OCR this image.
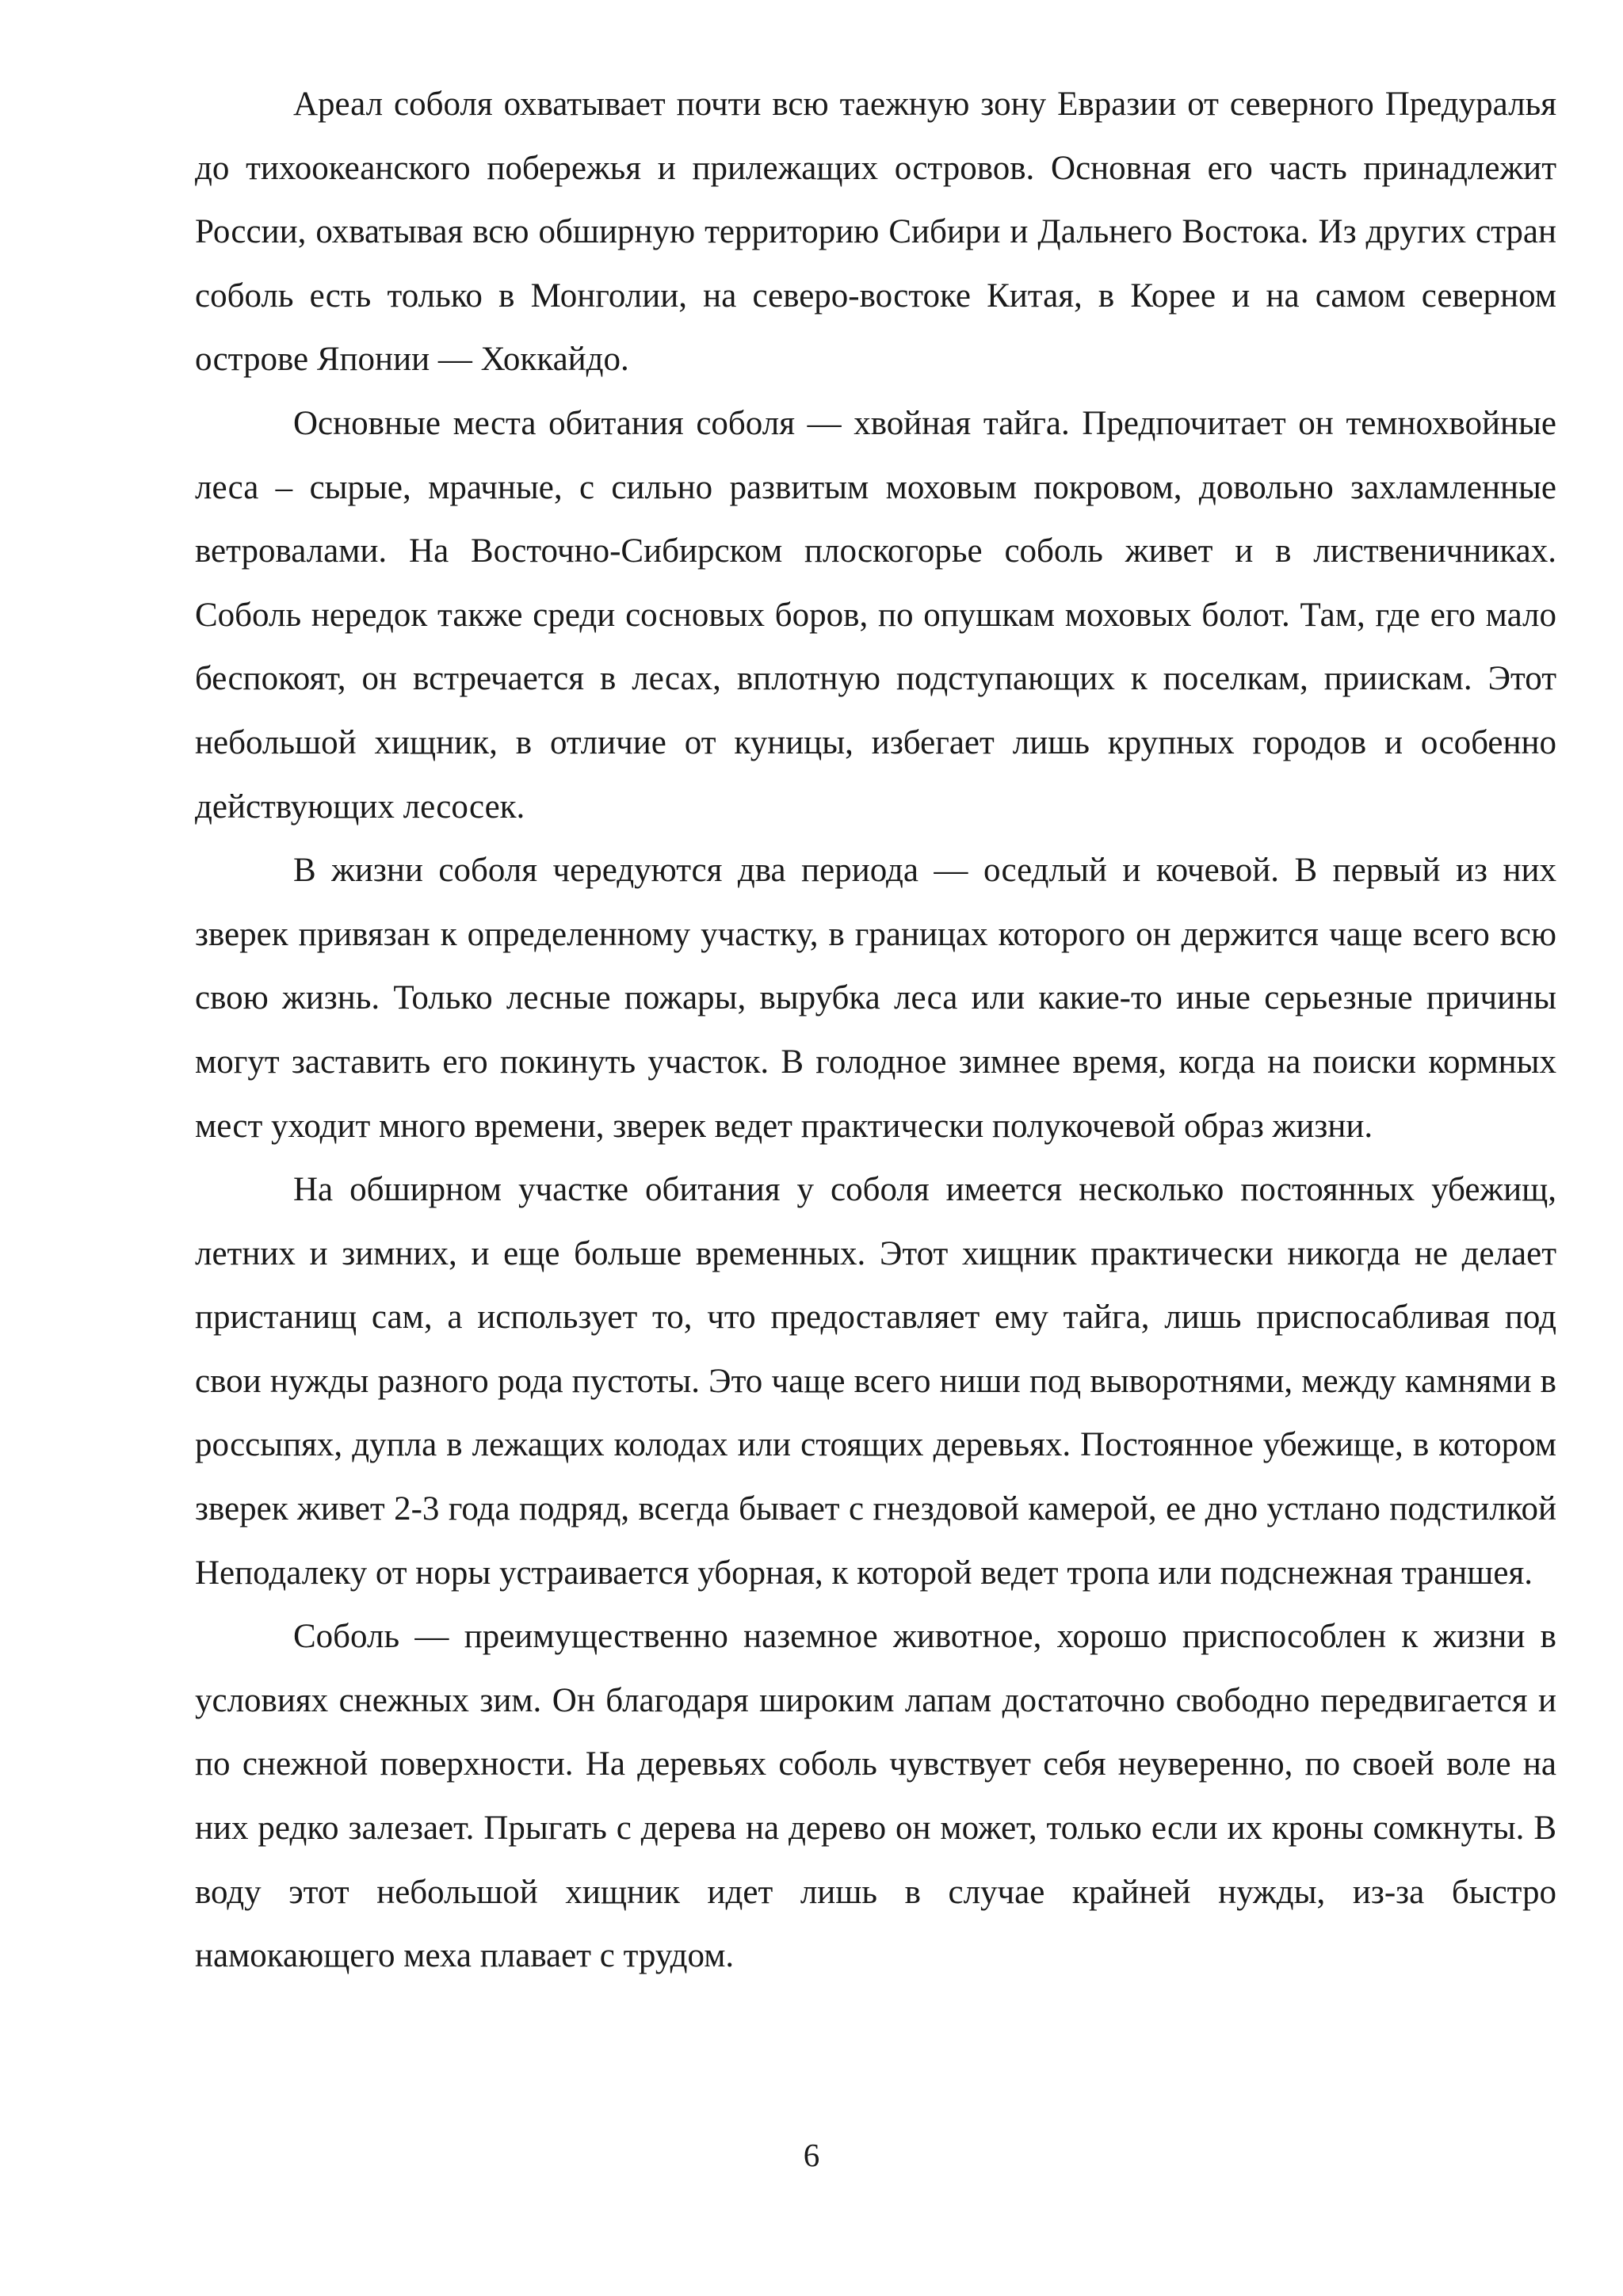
Ареал соболя охватывает почти всю таежную зону Евразии от северного Предуралья до тихоокеанского побережья и прилежащих островов. Основная его часть принадлежит России, охватывая всю обширную территорию Сибири и Дальнего Востока. Из других стран соболь есть только в Монголии, на северо-востоке Китая, в Корее и на самом северном острове Японии — Хоккайдо.

Основные места обитания соболя — хвойная тайга. Предпочитает он темнохвойные леса – сырые, мрачные, с сильно развитым моховым покровом, довольно захламленные ветровалами. На Восточно-Сибирском плоскогорье соболь живет и в лиственичниках. Соболь нередок также среди сосновых боров, по опушкам моховых болот. Там, где его мало беспокоят, он встречается в лесах, вплотную подступающих к поселкам, приискам. Этот небольшой хищник, в отличие от куницы, избегает лишь крупных городов и особенно действующих лесосек.

В жизни соболя чередуются два периода — оседлый и кочевой. В первый из них зверек привязан к определенному участку, в границах которого он держится чаще всего всю свою жизнь. Только лесные пожары, вырубка леса или какие-то иные серьезные причины могут заставить его покинуть участок. В голодное зимнее время, когда на поиски кормных мест уходит много времени, зверек ведет практически полукочевой образ жизни.

На обширном участке обитания у соболя имеется несколько постоянных убежищ, летних и зимних, и еще больше временных. Этот хищник практически никогда не делает пристанищ сам, а использует то, что предоставляет ему тайга, лишь приспосабливая под свои нужды разного рода пустоты. Это чаще всего ниши под выворотнями, между камнями в россыпях, дупла в лежащих колодах или стоящих деревьях. Постоянное убежище, в котором зверек живет 2-3 года подряд, всегда бывает с гнездовой камерой, ее дно устлано подстилкой Неподалеку от норы устраивается уборная, к которой ведет тропа или подснежная траншея.

Соболь — преимущественно наземное животное, хорошо приспособлен к жизни в условиях снежных зим. Он благодаря широким лапам достаточно свободно передвигается и по снежной поверхности. На деревьях соболь чувствует себя неуверенно, по своей воле на них редко залезает. Прыгать с дерева на дерево он может, только если их кроны сомкнуты. В воду этот небольшой хищник идет лишь в случае крайней нужды, из-за быстро намокающего меха плавает с трудом.

6
